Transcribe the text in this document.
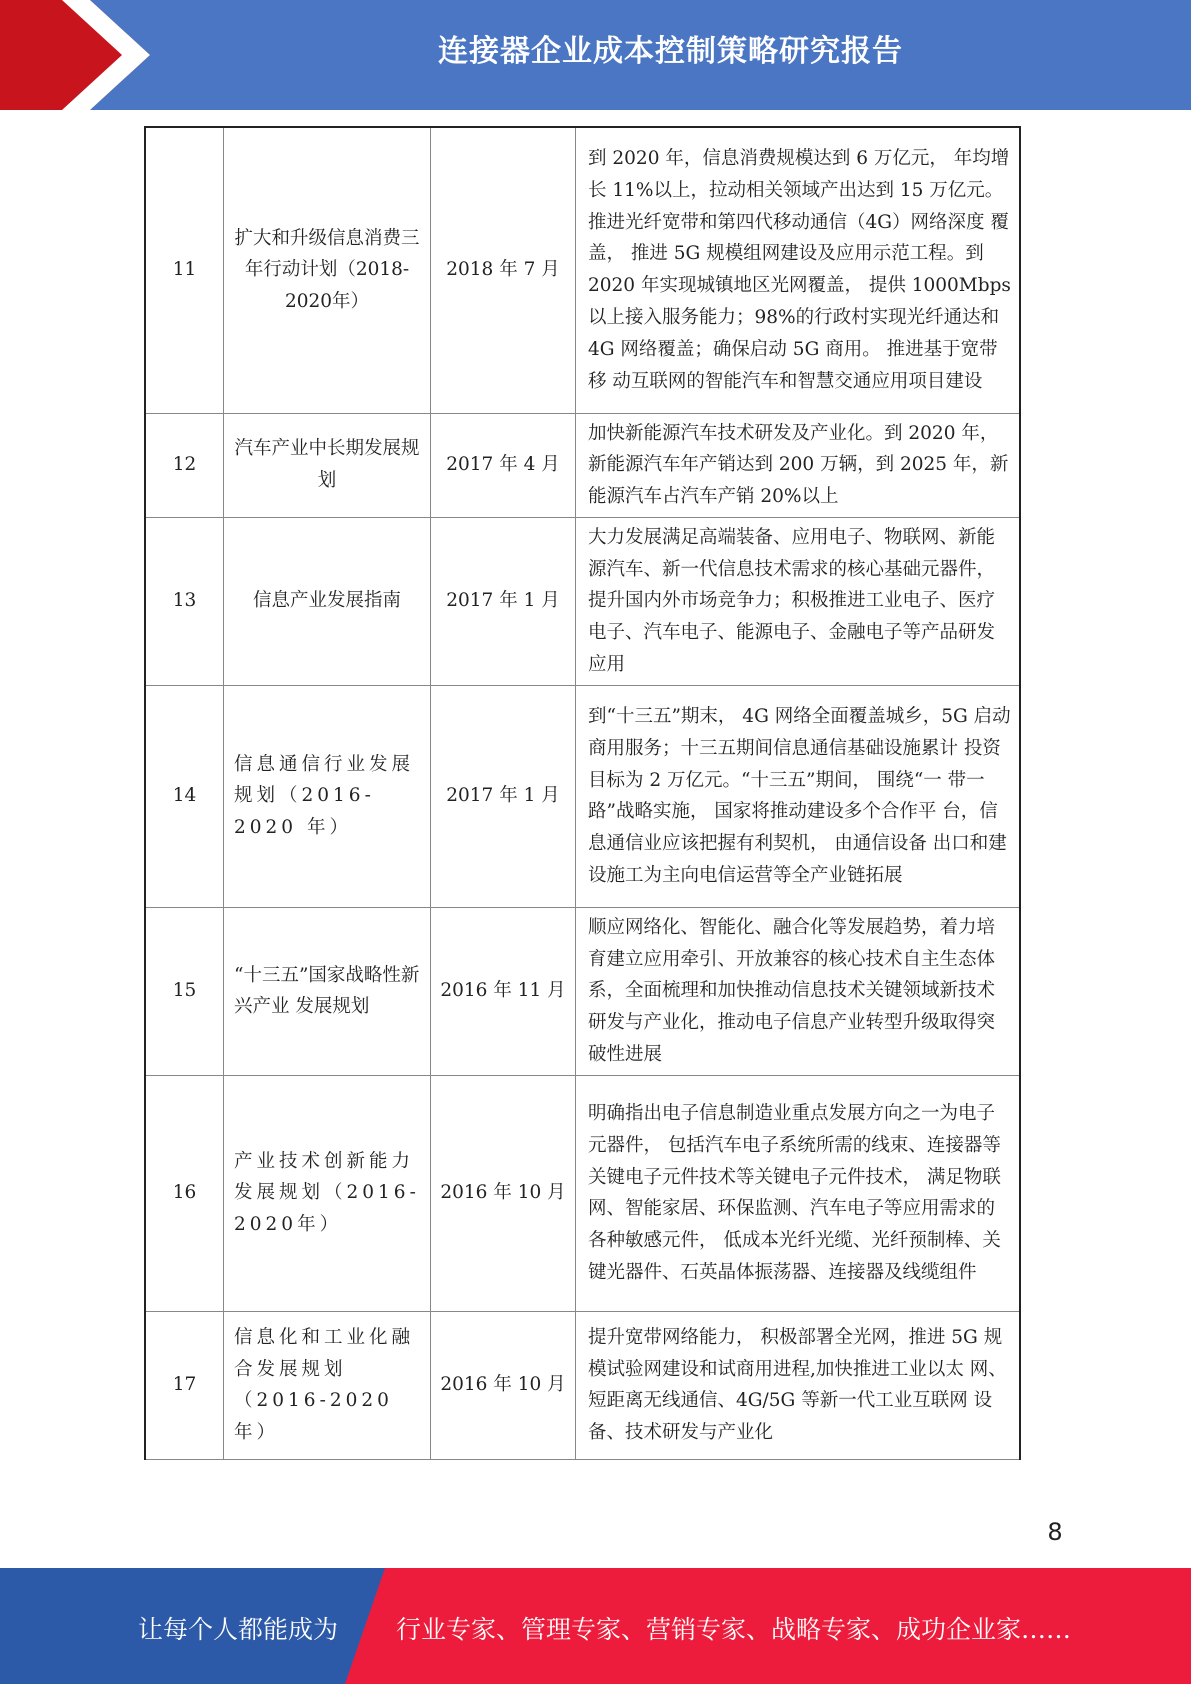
连接器企业成本控制策略研究报告
11	扩大和升级信息消费三年行动计划（2018-2020年）	2018 年 7 月	到 2020 年，信息消费规模达到 6 万亿元， 年均增长 11%以上，拉动相关领域产出达到 15 万亿元。推进光纤宽带和第四代移动通信（4G）网络深度 覆盖， 推进 5G 规模组网建设及应用示范工程。到 2020 年实现城镇地区光网覆盖， 提供 1000Mbps 以上接入服务能力；98%的行政村实现光纤通达和 4G 网络覆盖；确保启动 5G 商用。 推进基于宽带移 动互联网的智能汽车和智慧交通应用项目建设
12	汽车产业中长期发展规划	2017 年 4 月	加快新能源汽车技术研发及产业化。到 2020 年，新能源汽车年产销达到 200 万辆，到 2025 年，新能源汽车占汽车产销 20%以上
13	信息产业发展指南	2017 年 1 月	大力发展满足高端装备、应用电子、物联网、新能源汽车、新一代信息技术需求的核心基础元器件， 提升国内外市场竞争力；积极推进工业电子、医疗电子、汽车电子、能源电子、金融电子等产品研发应用
14	信息通信行业发展规划（2016-2020 年）	2017 年 1 月	到“十三五”期末， 4G 网络全面覆盖城乡，5G 启动商用服务；十三五期间信息通信基础设施累计 投资目标为 2 万亿元。“十三五”期间， 围绕“一 带一路”战略实施， 国家将推动建设多个合作平 台，信息通信业应该把握有利契机， 由通信设备 出口和建设施工为主向电信运营等全产业链拓展
15	“十三五”国家战略性新 兴产业 发展规划	2016 年 11 月	顺应网络化、智能化、融合化等发展趋势，着力培育建立应用牵引、开放兼容的核心技术自主生态体系，全面梳理和加快推动信息技术关键领域新技术研发与产业化，推动电子信息产业转型升级取得突破性进展
16	产业技术创新能力发展规划（2016-2020年）	2016 年 10 月	明确指出电子信息制造业重点发展方向之一为电子元器件， 包括汽车电子系统所需的线束、连接器等关键电子元件技术等关键电子元件技术， 满足物联网、智能家居、环保监测、汽车电子等应用需求的各种敏感元件， 低成本光纤光缆、光纤预制棒、关键光器件、石英晶体振荡器、连接器及线缆组件
17	信息化和工业化融合发展规划（2016-2020年）	2016 年 10 月	提升宽带网络能力， 积极部署全光网，推进 5G 规模试验网建设和试商用进程,加快推进工业以太 网、短距离无线通信、4G/5G 等新一代工业互联网 设备、技术研发与产业化
8
让每个人都能成为 行业专家、管理专家、营销专家、战略专家、成功企业家……
